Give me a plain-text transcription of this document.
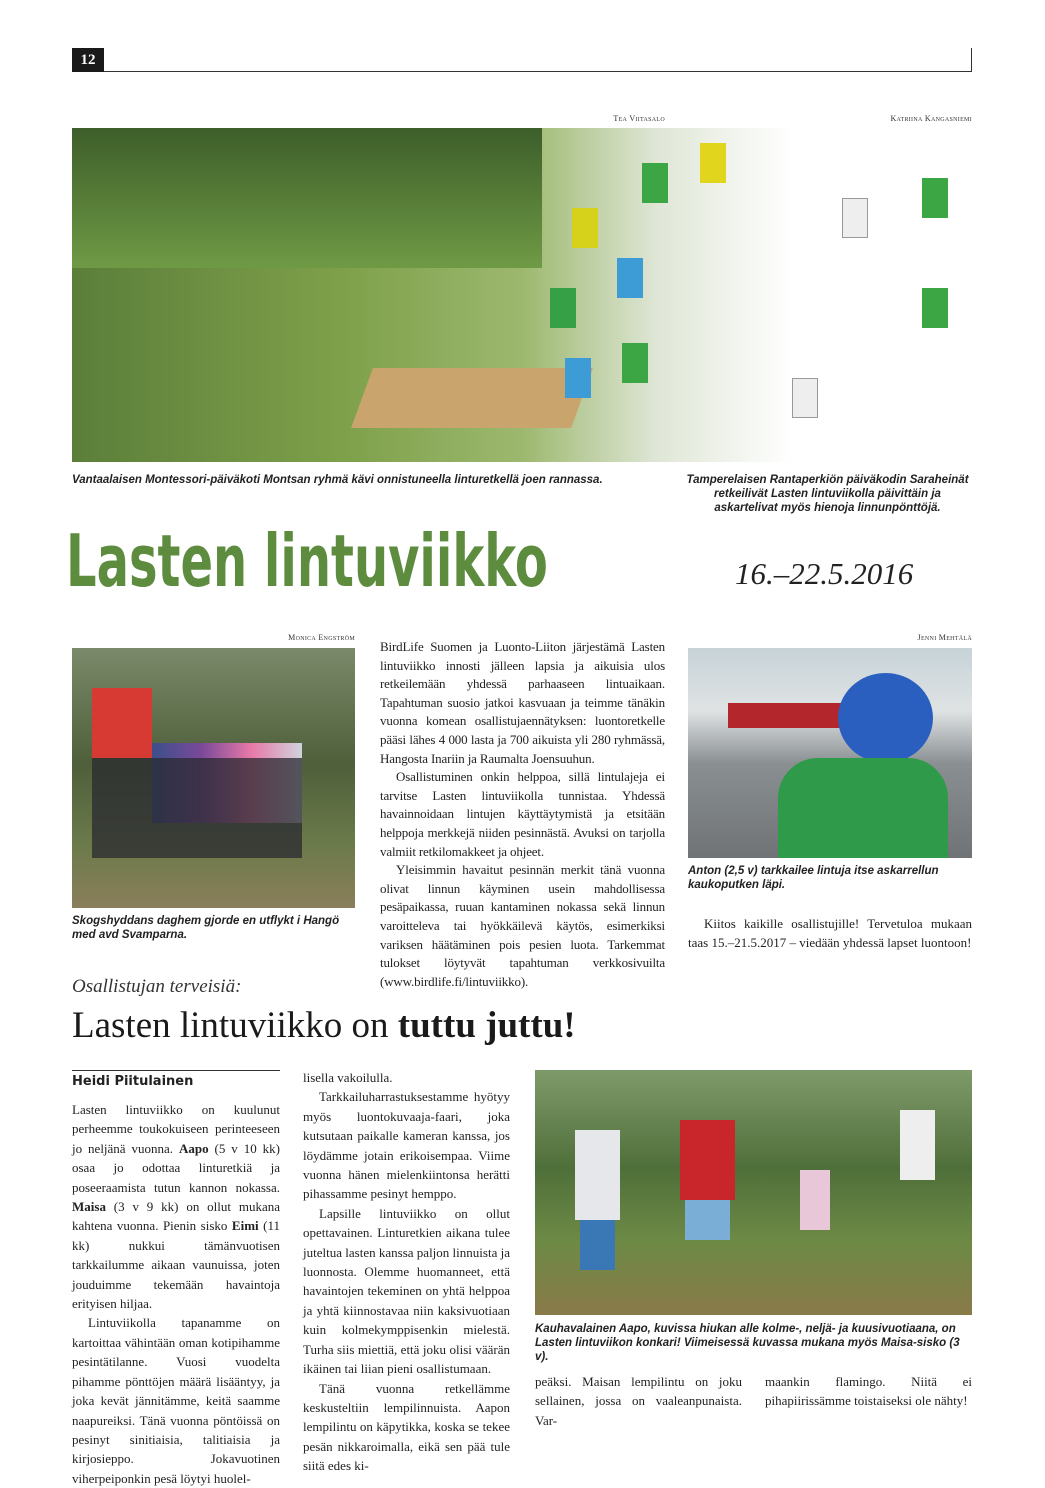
12
Tea Viitasalo	Katriina Kangasniemi
Vantaalaisen Montessori-päiväkoti Montsan ryhmä kävi onnistuneella linturetkellä joen rannassa.	Tamperelaisen Rantaperkiön päiväkodin Saraheinät retkeilivät Lasten lintuviikolla päivittäin ja askartelivat myös hienoja linnunpönttöjä.
Lasten lintuviikko	16.–22.5.2016
Monica Engström
Skogshyddans daghem gjorde en utflykt i Hangö med avd Svamparna.

BirdLife Suomen ja Luonto-Liiton järjestämä Lasten lintuviikko innosti jälleen lapsia ja aikuisia ulos retkeilemään yhdessä parhaaseen lintuaikaan. Tapahtuman suosio jatkoi kasvuaan ja teimme tänäkin vuonna komean osallistujaennätyksen: luontoretkelle pääsi lähes 4 000 lasta ja 700 aikuista yli 280 ryhmässä, Hangosta Inariin ja Raumalta Joensuuhun.

Osallistuminen onkin helppoa, sillä lintulajeja ei tarvitse Lasten lintuviikolla tunnistaa. Yhdessä havainnoidaan lintujen käyttäytymistä ja etsitään helppoja merkkejä niiden pesinnästä. Avuksi on tarjolla valmiit retkilomakkeet ja ohjeet.

Yleisimmin havaitut pesinnän merkit tänä vuonna olivat linnun käyminen usein mahdollisessa pesäpaikassa, ruuan kantaminen nokassa sekä linnun varoitteleva tai hyökkäilevä käytös, esimerkiksi variksen häätäminen pois pesien luota. Tarkemmat tulokset löytyvät tapahtuman verkkosivuilta (www.birdlife.fi/lintuviikko).

Jenni Mehtälä
Anton (2,5 v) tarkkailee lintuja itse askarrellun kaukoputken läpi.

Kiitos kaikille osallistujille! Tervetuloa mukaan taas 15.–21.5.2017 – viedään yhdessä lapset luontoon!

Osallistujan terveisiä:
Lasten lintuviikko on tuttu juttu!
Heidi Piitulainen

Lasten lintuviikko on kuulunut perheemme toukokuiseen perinteeseen jo neljänä vuonna. Aapo (5 v 10 kk) osaa jo odottaa linturetkiä ja poseeraamista tutun kannon nokassa. Maisa (3 v 9 kk) on ollut mukana kahtena vuonna. Pienin sisko Eimi (11 kk) nukkui tämänvuotisen tarkkailumme aikaan vaunuissa, joten jouduimme tekemään havaintoja erityisen hiljaa.

Lintuviikolla tapanamme on kartoittaa vähintään oman kotipihamme pesintätilanne. Vuosi vuodelta pihamme pönttöjen määrä lisääntyy, ja joka kevät jännitämme, keitä saamme naapureiksi. Tänä vuonna pöntöissä on pesinyt sinitiaisia, talitiaisia ja kirjosieppo. Jokavuotinen viherpeiponkin pesä löytyi huolel-

lisella vakoilulla.

Tarkkailuharrastuksestamme hyötyy myös luontokuvaaja-faari, joka kutsutaan paikalle kameran kanssa, jos löydämme jotain erikoisempaa. Viime vuonna hänen mielenkiintonsa herätti pihassamme pesinyt hemppo.

Lapsille lintuviikko on ollut opettavainen. Linturetkien aikana tulee juteltua lasten kanssa paljon linnuista ja luonnosta. Olemme huomanneet, että havaintojen tekeminen on yhtä helppoa ja yhtä kiinnostavaa niin kaksivuotiaan kuin kolmekymppisenkin mielestä. Turha siis miettiä, että joku olisi väärän ikäinen tai liian pieni osallistumaan.

Tänä vuonna retkellämme keskusteltiin lempilinnuista. Aapon lempilintu on käpytikka, koska se tekee pesän nikkaroimalla, eikä sen pää tule siitä edes ki-

Kauhavalainen Aapo, kuvissa hiukan alle kolme-, neljä- ja kuusivuotiaana, on Lasten lintuviikon konkari! Viimeisessä kuvassa mukana myös Maisa-sisko (3 v).

peäksi. Maisan lempilintu on joku sellainen, jossa on vaaleanpunaista. Var-

maankin flamingo. Niitä ei pihapiirissämme toistaiseksi ole nähty!
